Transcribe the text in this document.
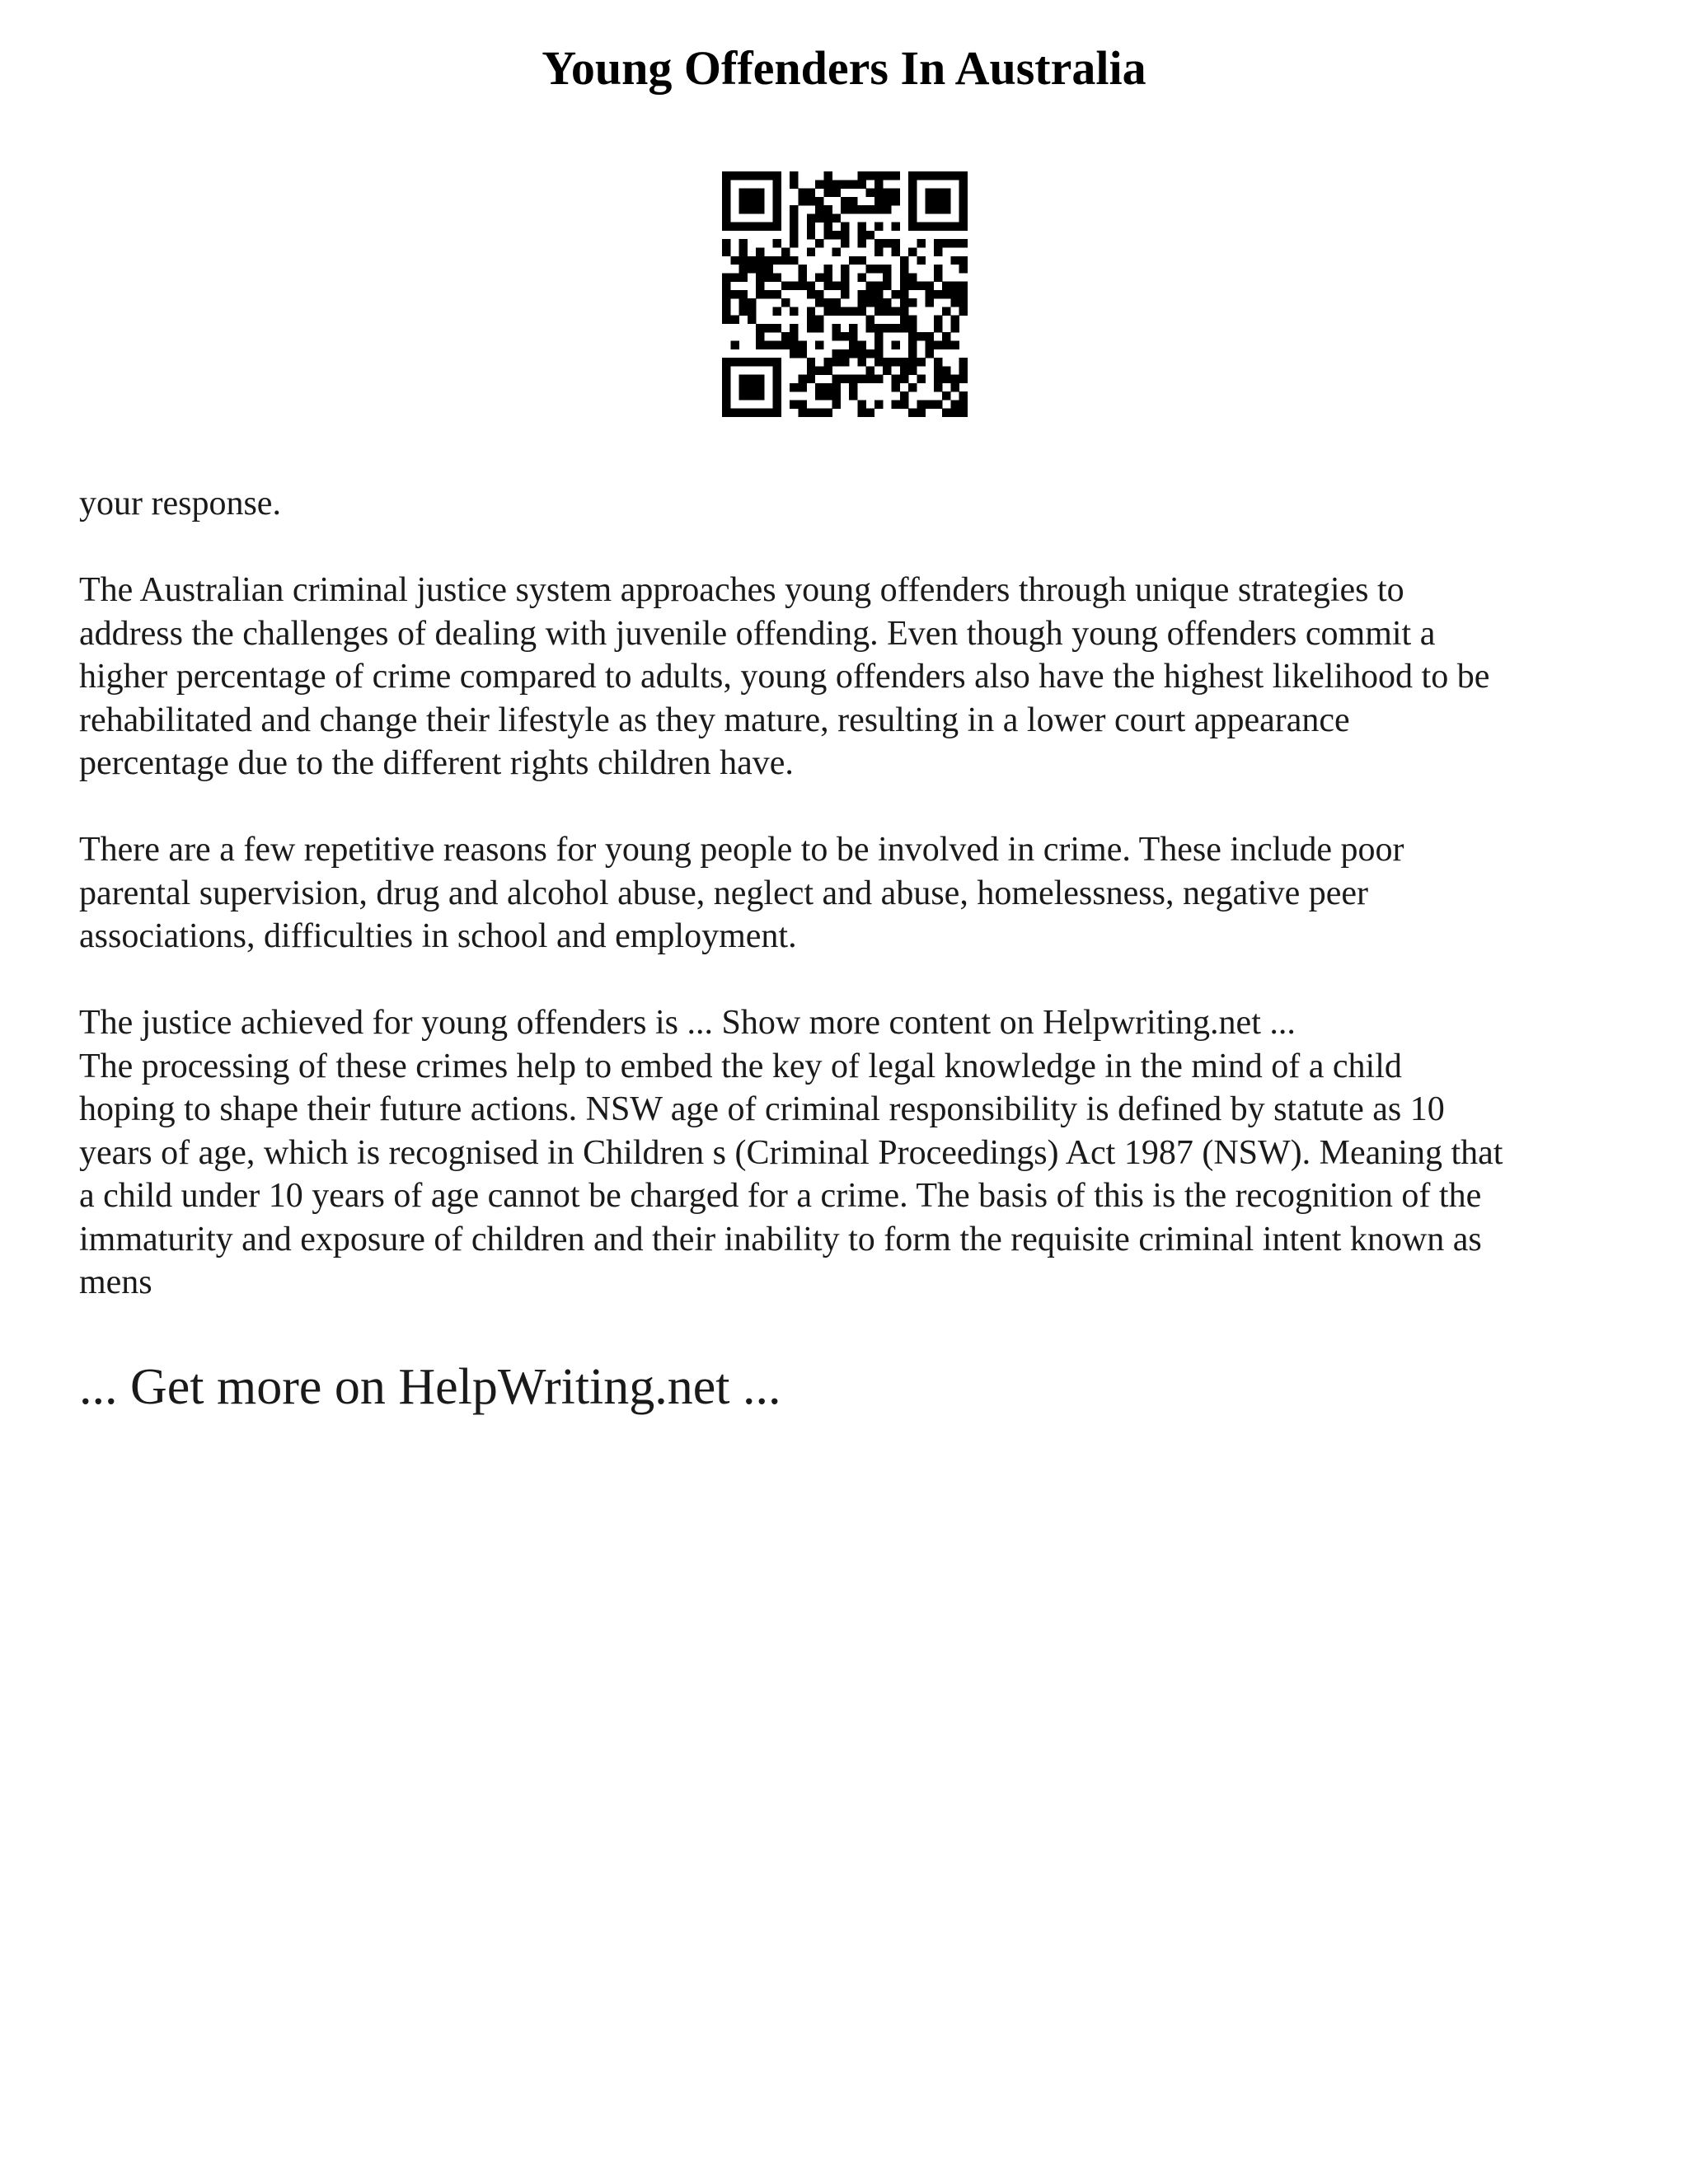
Young Offenders In Australia

your response.

The Australian criminal justice system approaches young offenders through unique strategies to
address the challenges of dealing with juvenile offending. Even though young offenders commit a
higher percentage of crime compared to adults, young offenders also have the highest likelihood to be
rehabilitated and change their lifestyle as they mature, resulting in a lower court appearance
percentage due to the different rights children have.

There are a few repetitive reasons for young people to be involved in crime. These include poor
parental supervision, drug and alcohol abuse, neglect and abuse, homelessness, negative peer
associations, difficulties in school and employment.

The justice achieved for young offenders is ... Show more content on Helpwriting.net ...

The processing of these crimes help to embed the key of legal knowledge in the mind of a child
hoping to shape their future actions. NSW age of criminal responsibility is defined by statute as 10
years of age, which is recognised in Children s (Criminal Proceedings) Act 1987 (NSW). Meaning that
a child under 10 years of age cannot be charged for a crime. The basis of this is the recognition of the
immaturity and exposure of children and their inability to form the requisite criminal intent known as
mens

... Get more on HelpWriting.net ...
